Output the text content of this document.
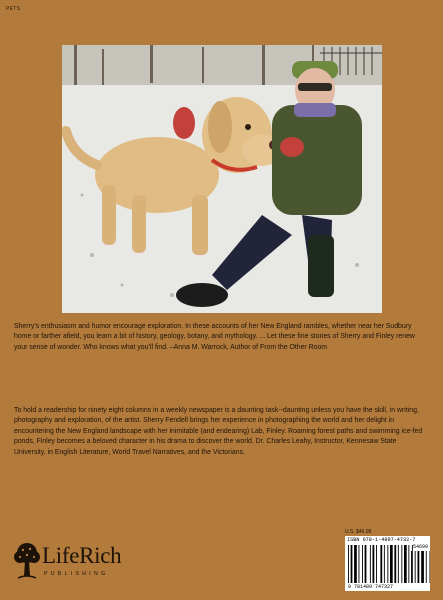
PETS

Sherry’s enthusiasm and humor encourage exploration. In these accounts of her New England rambles, whether near her Sudbury home or farther afield, you learn a bit of history, geology, botany, and mythology. ... Let these fine stories of Sherry and Finley renew your sense of wonder. Who knows what you’ll find. –Anna M. Warrock, Author of From the Other Room

To hold a readership for ninety eight columns in a weekly newspaper is a daunting task--daunting unless you have the skill, in writing, photography and exploration, of the artist. Sherry Fendell brings her experience in photographing the world and her delight in encountering the New England landscape with her inimitable (and endearing) Lab, Finley. Roaming forest paths and swimming ice-fed ponds, Finley becomes a beloved character in his drama to discover the world. Dr. Charles Leahy, Instructor, Kennesaw State University, in English Literature, World Travel Narratives, and the Victorians.

LifeRich
PUBLISHING
U.S. $46.99
ISBN 978-1-4897-4732-7
54699
9 781489 747327
